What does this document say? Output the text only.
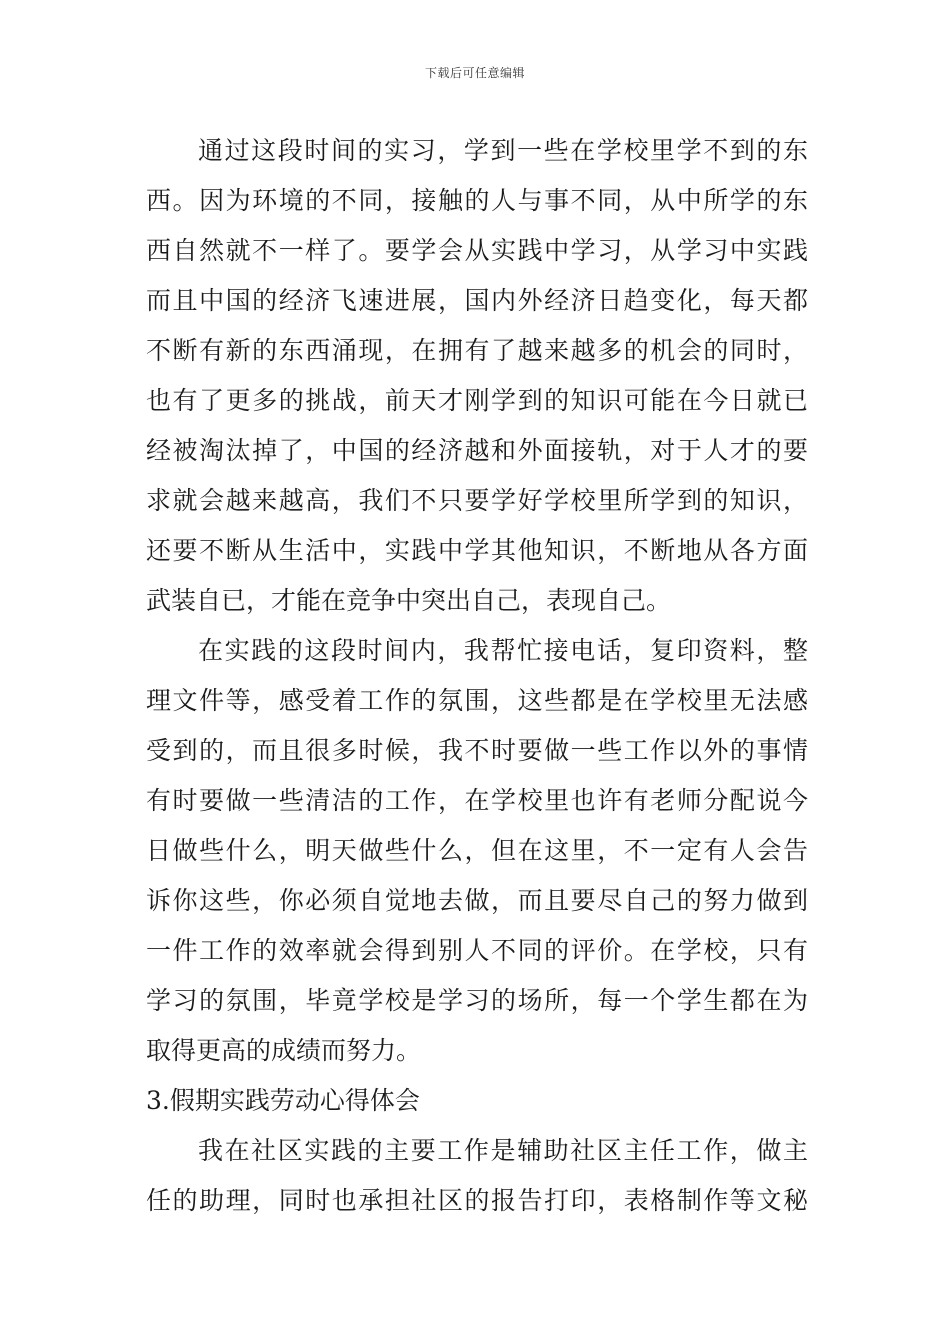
下载后可任意编辑
通过这段时间的实习，学到一些在学校里学不到的东
西。因为环境的不同，接触的人与事不同，从中所学的东
西自然就不一样了。要学会从实践中学习，从学习中实践
而且中国的经济飞速进展，国内外经济日趋变化，每天都
不断有新的东西涌现，在拥有了越来越多的机会的同时，
也有了更多的挑战，前天才刚学到的知识可能在今日就已
经被淘汰掉了，中国的经济越和外面接轨，对于人才的要
求就会越来越高，我们不只要学好学校里所学到的知识，
还要不断从生活中，实践中学其他知识，不断地从各方面
武装自已，才能在竞争中突出自己，表现自己。
在实践的这段时间内，我帮忙接电话，复印资料，整
理文件等，感受着工作的氛围，这些都是在学校里无法感
受到的，而且很多时候，我不时要做一些工作以外的事情
有时要做一些清洁的工作，在学校里也许有老师分配说今
日做些什么，明天做些什么，但在这里，不一定有人会告
诉你这些，你必须自觉地去做，而且要尽自己的努力做到
一件工作的效率就会得到别人不同的评价。在学校，只有
学习的氛围，毕竟学校是学习的场所，每一个学生都在为
取得更高的成绩而努力。
3.假期实践劳动心得体会
我在社区实践的主要工作是辅助社区主任工作，做主
任的助理，同时也承担社区的报告打印，表格制作等文秘
